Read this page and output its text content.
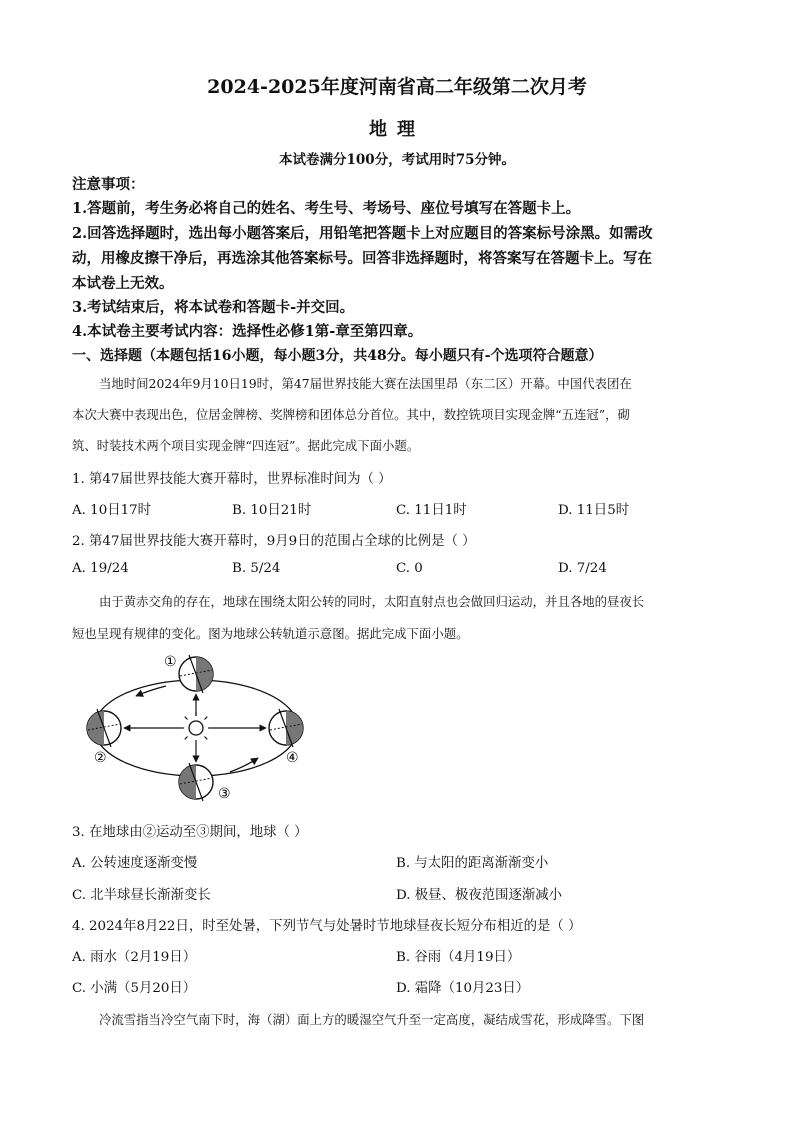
2024-2025年度河南省高二年级第二次月考
地理
本试卷满分100分，考试用时75分钟。
注意事项：
1.答题前，考生务必将自己的姓名、考生号、考场号、座位号填写在答题卡上。
2.回答选择题时，选出每小题答案后，用铅笔把答题卡上对应题目的答案标号涂黑。如需改
动，用橡皮擦干净后，再选涂其他答案标号。回答非选择题时，将答案写在答题卡上。写在
本试卷上无效。
3.考试结束后，将本试卷和答题卡-并交回。
4.本试卷主要考试内容：选择性必修1第-章至第四章。
一、选择题（本题包括16小题，每小题3分，共48分。每小题只有-个选项符合题意）
当地时间2024年9月10日19时，第47届世界技能大赛在法国里昂（东二区）开幕。中国代表团在
本次大赛中表现出色，位居金牌榜、奖牌榜和团体总分首位。其中，数控铣项目实现金牌“五连冠”，砌
筑、时装技术两个项目实现金牌“四连冠”。据此完成下面小题。
1. 第47届世界技能大赛开幕时，世界标准时间为（ ）
A. 10日17时	B. 10日21时	C. 11日1时	D. 11日5时
2. 第47届世界技能大赛开幕时，9月9日的范围占全球的比例是（ ）
A. 19/24	B. 5/24	C. 0	D. 7/24
由于黄赤交角的存在，地球在围绕太阳公转的同时，太阳直射点也会做回归运动，并且各地的昼夜长
短也呈现有规律的变化。图为地球公转轨道示意图。据此完成下面小题。
①
②
③
④
3. 在地球由②运动至③期间，地球（ ）
A. 公转速度逐渐变慢	B. 与太阳的距离渐渐变小
C. 北半球昼长渐渐变长	D. 极昼、极夜范围逐渐减小
4. 2024年8月22日，时至处暑，下列节气与处暑时节地球昼夜长短分布相近的是（ ）
A. 雨水（2月19日）	B. 谷雨（4月19日）
C. 小满（5月20日）	D. 霜降（10月23日）
冷流雪指当冷空气南下时，海（湖）面上方的暖湿空气升至一定高度，凝结成雪花，形成降雪。下图
